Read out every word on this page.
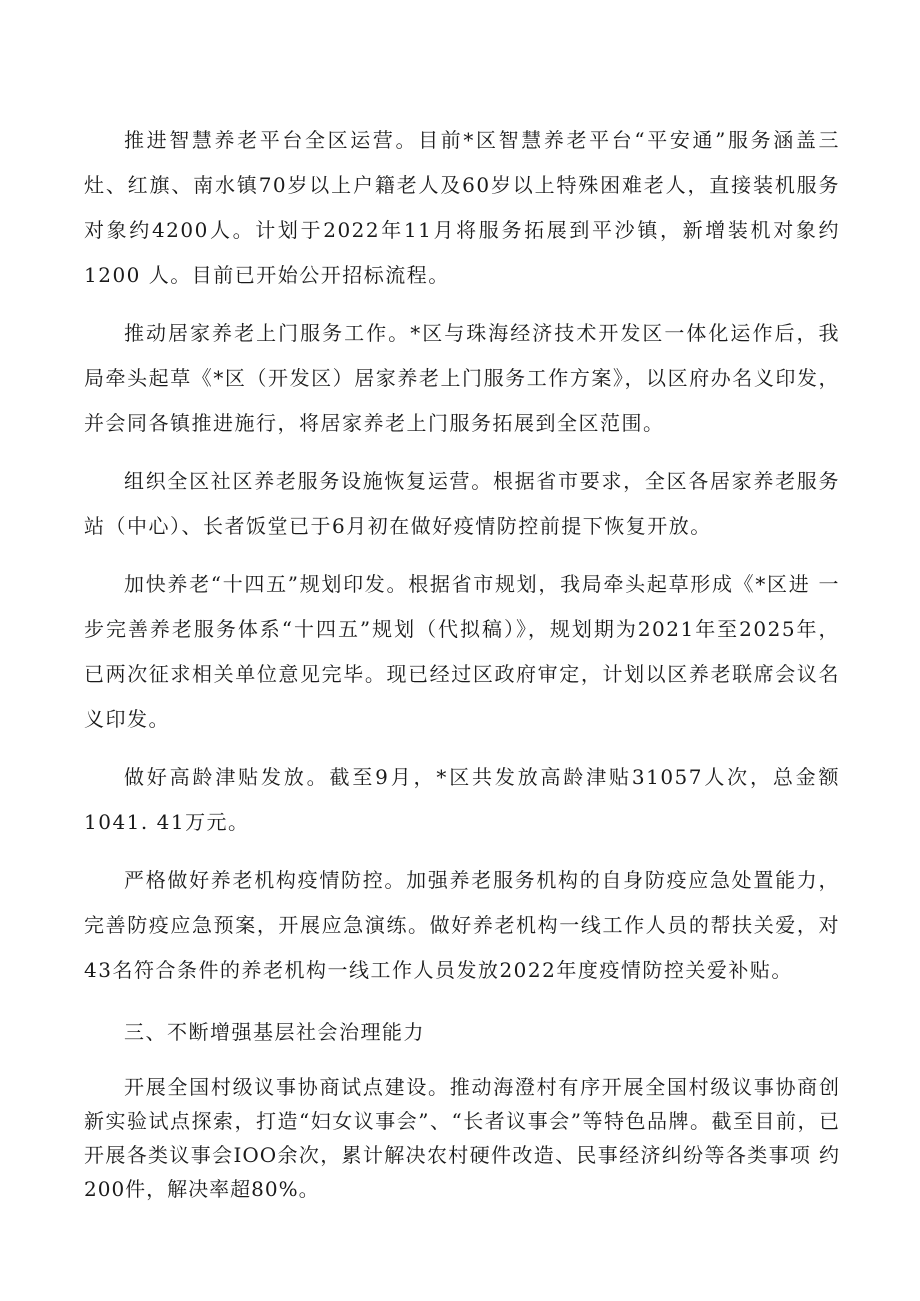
推进智慧养老平台全区运营。目前*区智慧养老平台“平安通”服务涵盖三 灶、红旗、南水镇70岁以上户籍老人及60岁以上特殊困难老人，直接装机服务 对象约4200人。计划于2022年11月将服务拓展到平沙镇，新增装机对象约1200 人。目前已开始公开招标流程。

推动居家养老上门服务工作。*区与珠海经济技术开发区一体化运作后，我 局牵头起草《*区（开发区）居家养老上门服务工作方案》，以区府办名义印发， 并会同各镇推进施行，将居家养老上门服务拓展到全区范围。

组织全区社区养老服务设施恢复运营。根据省市要求，全区各居家养老服务 站（中心）、长者饭堂已于6月初在做好疫情防控前提下恢复开放。

加快养老“十四五”规划印发。根据省市规划，我局牵头起草形成《*区进 一步完善养老服务体系“十四五”规划（代拟稿）》，规划期为2021年至2025年， 已两次征求相关单位意见完毕。现已经过区政府审定，计划以区养老联席会议名 义印发。

做好高龄津贴发放。截至9月，*区共发放高龄津贴31057人次，总金额 1041. 41万元。

严格做好养老机构疫情防控。加强养老服务机构的自身防疫应急处置能力， 完善防疫应急预案，开展应急演练。做好养老机构一线工作人员的帮扶关爱，对 43名符合条件的养老机构一线工作人员发放2022年度疫情防控关爱补贴。

三、不断增强基层社会治理能力

开展全国村级议事协商试点建设。推动海澄村有序开展全国村级议事协商创 新实验试点探索，打造“妇女议事会”、“长者议事会”等特色品牌。截至目前，已开展各类议事会IOO余次，累计解决农村硬件改造、民事经济纠纷等各类事项 约200件，解决率超80%。
